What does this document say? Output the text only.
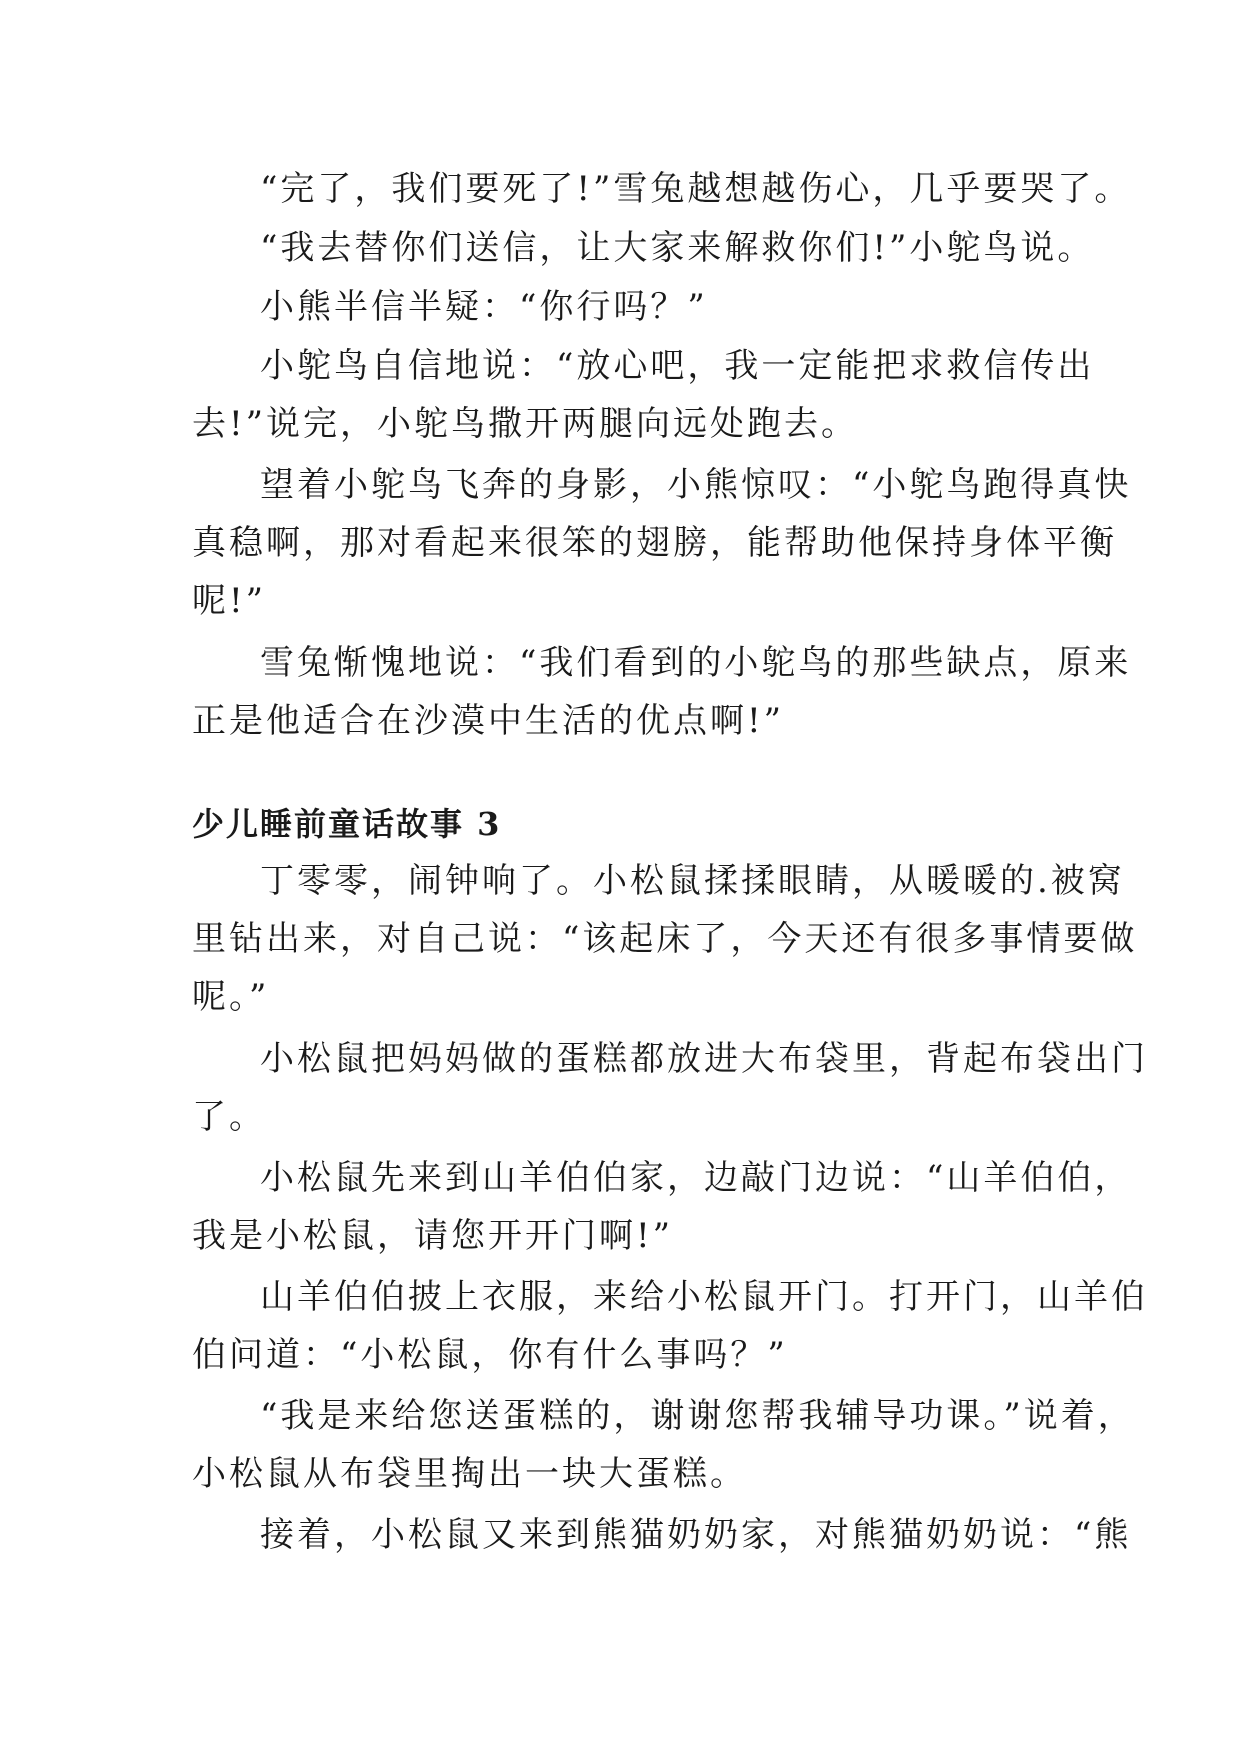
“完了，我们要死了!”雪兔越想越伤心，几乎要哭了。

“我去替你们送信，让大家来解救你们!”小鸵鸟说。

小熊半信半疑：“你行吗？”

小鸵鸟自信地说：“放心吧，我一定能把求救信传出
去!”说完，小鸵鸟撒开两腿向远处跑去。

望着小鸵鸟飞奔的身影，小熊惊叹：“小鸵鸟跑得真快
真稳啊，那对看起来很笨的翅膀，能帮助他保持身体平衡
呢!”

雪兔惭愧地说：“我们看到的小鸵鸟的那些缺点，原来
正是他适合在沙漠中生活的优点啊!”

少儿睡前童话故事 3

丁零零，闹钟响了。小松鼠揉揉眼睛，从暖暖的.被窝
里钻出来，对自己说：“该起床了，今天还有很多事情要做
呢。”

小松鼠把妈妈做的蛋糕都放进大布袋里，背起布袋出门
了。

小松鼠先来到山羊伯伯家，边敲门边说：“山羊伯伯，
我是小松鼠，请您开开门啊!”

山羊伯伯披上衣服，来给小松鼠开门。打开门，山羊伯
伯问道：“小松鼠，你有什么事吗？”

“我是来给您送蛋糕的，谢谢您帮我辅导功课。”说着，
小松鼠从布袋里掏出一块大蛋糕。

接着，小松鼠又来到熊猫奶奶家，对熊猫奶奶说：“熊
